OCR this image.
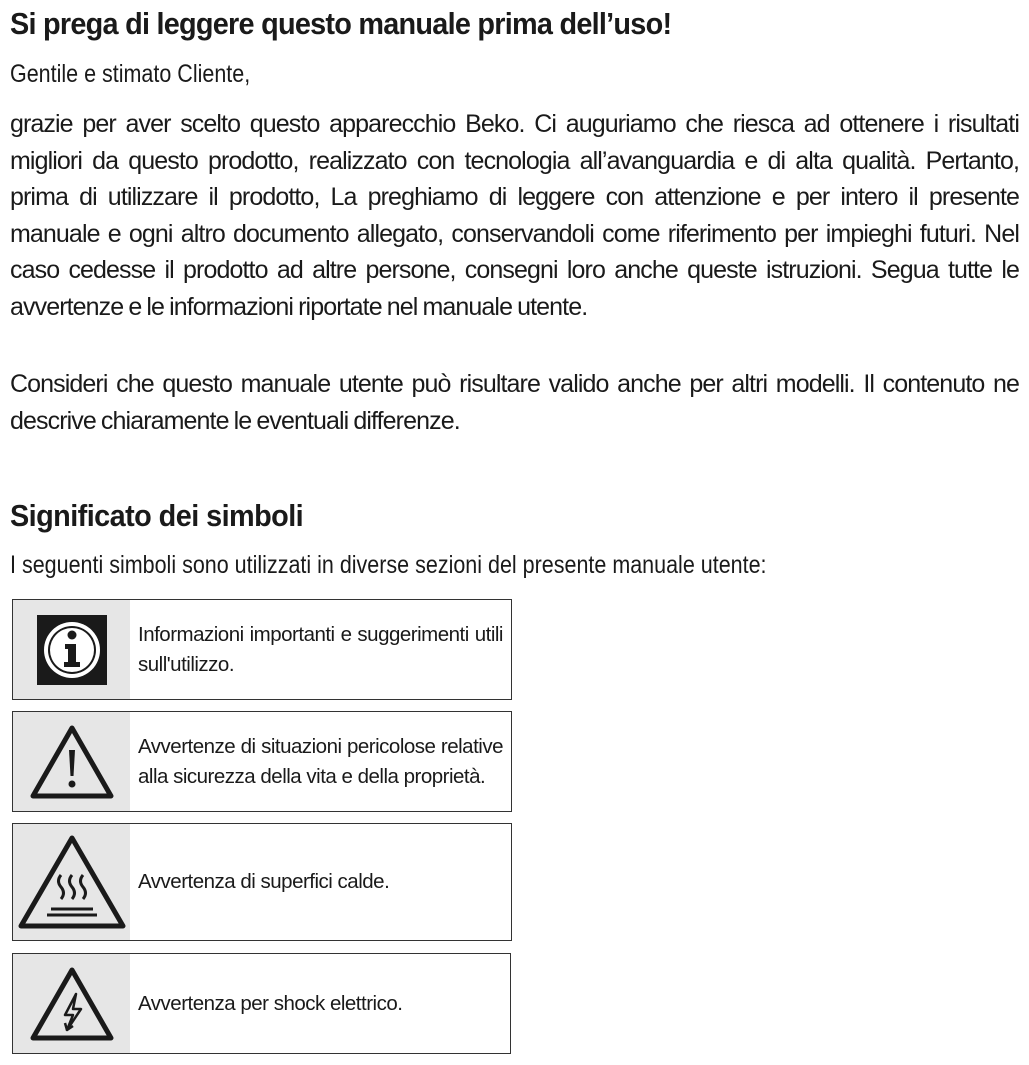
Si prega di leggere questo manuale prima dell’uso!
Gentile e stimato Cliente,

grazie per aver scelto questo apparecchio Beko. Ci auguriamo che riesca ad ottenere i risultati migliori da questo prodotto, realizzato con tecnologia all’avanguardia e di alta qualità. Pertanto, prima di utilizzare il prodotto, La preghiamo di leggere con attenzione e per intero il presente manuale e ogni altro documento allegato, conservandoli come riferimento per impieghi futuri. Nel caso cedesse il prodotto ad altre persone, consegni loro anche queste istruzioni. Segua tutte le avvertenze e le informazioni riportate nel manuale utente.

Consideri che questo manuale utente può risultare valido anche per altri modelli. Il contenuto ne descrive chiaramente le eventuali differenze.

Significato dei simboli
I seguenti simboli sono utilizzati in diverse sezioni del presente manuale utente:
Informazioni importanti e suggerimenti utili sull'utilizzo.
Avvertenze di situazioni pericolose relative alla sicurezza della vita e della proprietà.
Avvertenza di superfici calde.
Avvertenza per shock elettrico.
